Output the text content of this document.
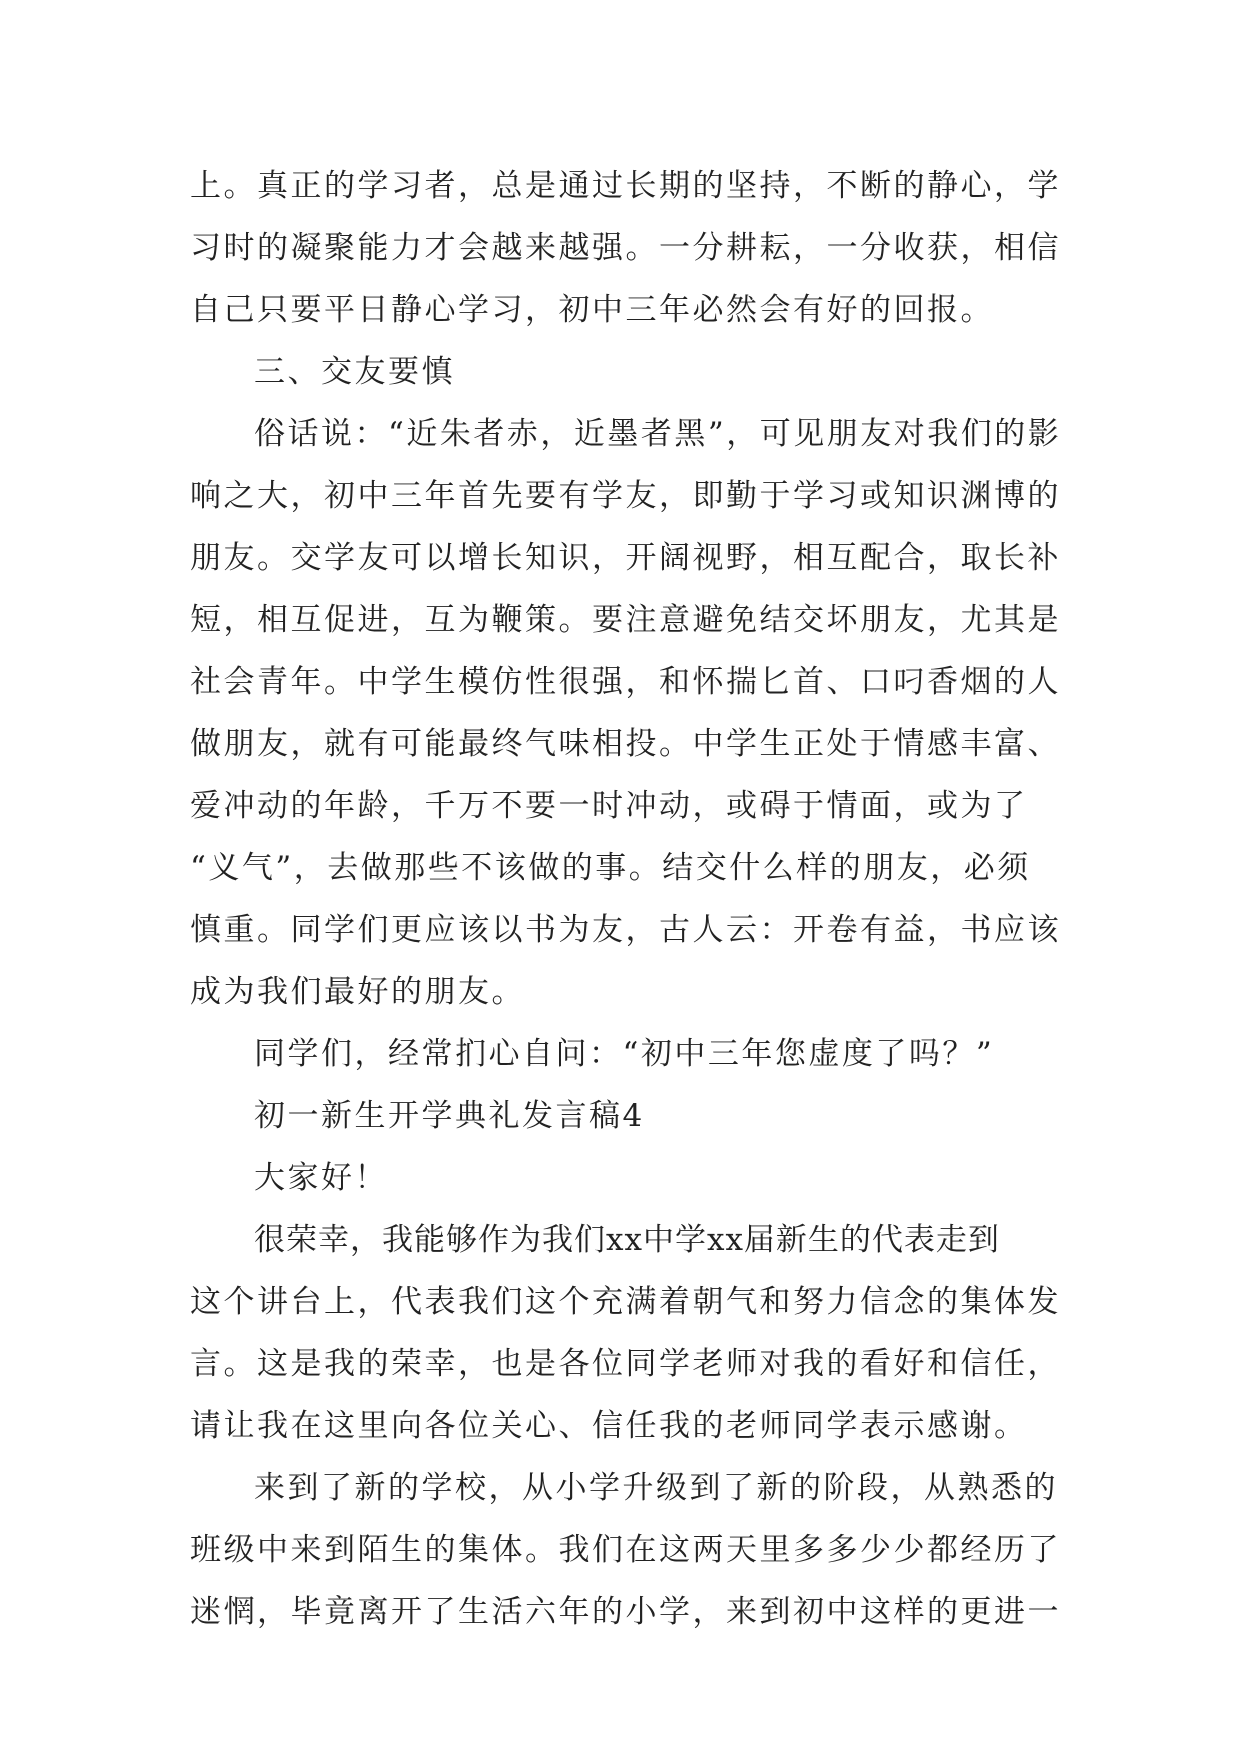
上。真正的学习者，总是通过长期的坚持，不断的静心，学
习时的凝聚能力才会越来越强。一分耕耘，一分收获，相信
自己只要平日静心学习，初中三年必然会有好的回报。
三、交友要慎
俗话说：“近朱者赤，近墨者黑”，可见朋友对我们的影
响之大，初中三年首先要有学友，即勤于学习或知识渊博的
朋友。交学友可以增长知识，开阔视野，相互配合，取长补
短，相互促进，互为鞭策。要注意避免结交坏朋友，尤其是
社会青年。中学生模仿性很强，和怀揣匕首、口叼香烟的人
做朋友，就有可能最终气味相投。中学生正处于情感丰富、
爱冲动的年龄，千万不要一时冲动，或碍于情面，或为了
“义气”，去做那些不该做的事。结交什么样的朋友，必须
慎重。同学们更应该以书为友，古人云：开卷有益，书应该
成为我们最好的朋友。
同学们，经常扪心自问：“初中三年您虚度了吗？”
初一新生开学典礼发言稿4
大家好！
很荣幸，我能够作为我们xx中学xx届新生的代表走到
这个讲台上，代表我们这个充满着朝气和努力信念的集体发
言。这是我的荣幸，也是各位同学老师对我的看好和信任，
请让我在这里向各位关心、信任我的老师同学表示感谢。
来到了新的学校，从小学升级到了新的阶段，从熟悉的
班级中来到陌生的集体。我们在这两天里多多少少都经历了
迷惘，毕竟离开了生活六年的小学，来到初中这样的更进一
